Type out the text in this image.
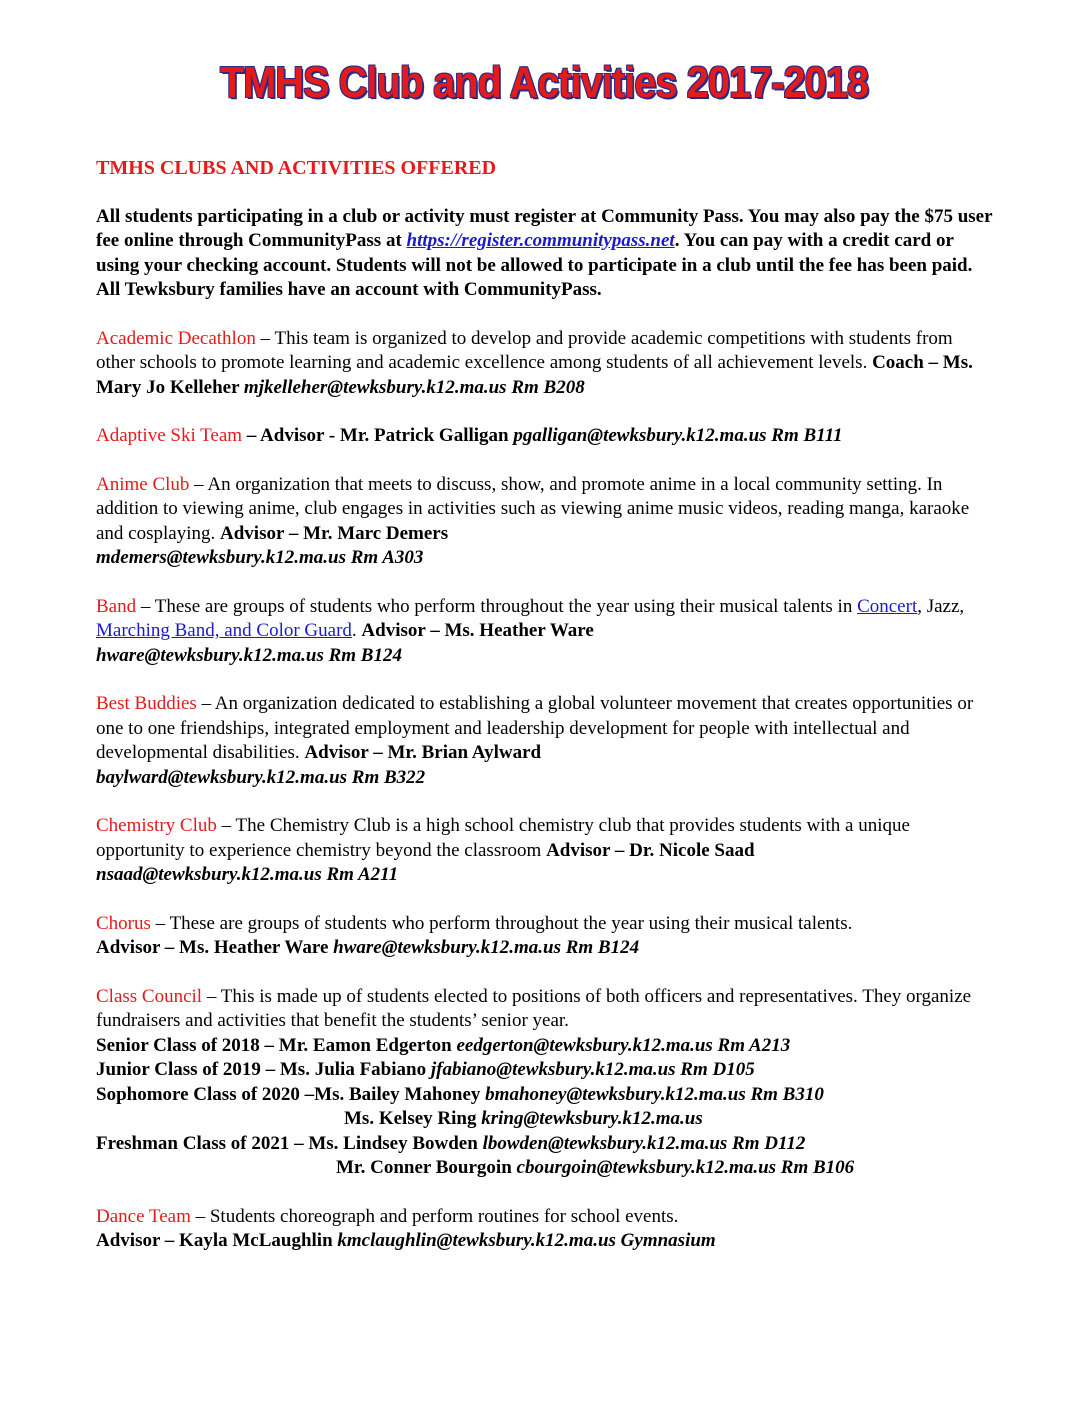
TMHS Club and Activities 2017-2018
TMHS CLUBS AND ACTIVITIES OFFERED

All students participating in a club or activity must register at Community Pass. You may also pay the $75 user fee online through CommunityPass at https://register.communitypass.net. You can pay with a credit card or using your checking account. Students will not be allowed to participate in a club until the fee has been paid. All Tewksbury families have an account with CommunityPass.

Academic Decathlon – This team is organized to develop and provide academic competitions with students from other schools to promote learning and academic excellence among students of all achievement levels. Coach – Ms. Mary Jo Kelleher mjkelleher@tewksbury.k12.ma.us Rm B208

Adaptive Ski Team – Advisor - Mr. Patrick Galligan pgalligan@tewksbury.k12.ma.us Rm B111

Anime Club – An organization that meets to discuss, show, and promote anime in a local community setting. In addition to viewing anime, club engages in activities such as viewing anime music videos, reading manga, karaoke and cosplaying. Advisor – Mr. Marc Demers
mdemers@tewksbury.k12.ma.us Rm A303

Band – These are groups of students who perform throughout the year using their musical talents in Concert, Jazz, Marching Band, and Color Guard. Advisor – Ms. Heather Ware
hware@tewksbury.k12.ma.us Rm B124

Best Buddies – An organization dedicated to establishing a global volunteer movement that creates opportunities or one to one friendships, integrated employment and leadership development for people with intellectual and developmental disabilities. Advisor – Mr. Brian Aylward
baylward@tewksbury.k12.ma.us Rm B322

Chemistry Club – The Chemistry Club is a high school chemistry club that provides students with a unique opportunity to experience chemistry beyond the classroom Advisor – Dr. Nicole Saad
nsaad@tewksbury.k12.ma.us Rm A211

Chorus – These are groups of students who perform throughout the year using their musical talents.
Advisor – Ms. Heather Ware hware@tewksbury.k12.ma.us Rm B124

Class Council – This is made up of students elected to positions of both officers and representatives. They organize fundraisers and activities that benefit the students’ senior year.
Senior Class of 2018 – Mr. Eamon Edgerton eedgerton@tewksbury.k12.ma.us Rm A213
Junior Class of 2019 – Ms. Julia Fabiano jfabiano@tewksbury.k12.ma.us Rm D105
Sophomore Class of 2020 –Ms. Bailey Mahoney bmahoney@tewksbury.k12.ma.us Rm B310
Ms. Kelsey Ring kring@tewksbury.k12.ma.us
Freshman Class of 2021 – Ms. Lindsey Bowden lbowden@tewksbury.k12.ma.us Rm D112
Mr. Conner Bourgoin cbourgoin@tewksbury.k12.ma.us Rm B106

Dance Team – Students choreograph and perform routines for school events.
Advisor – Kayla McLaughlin kmclaughlin@tewksbury.k12.ma.us Gymnasium
